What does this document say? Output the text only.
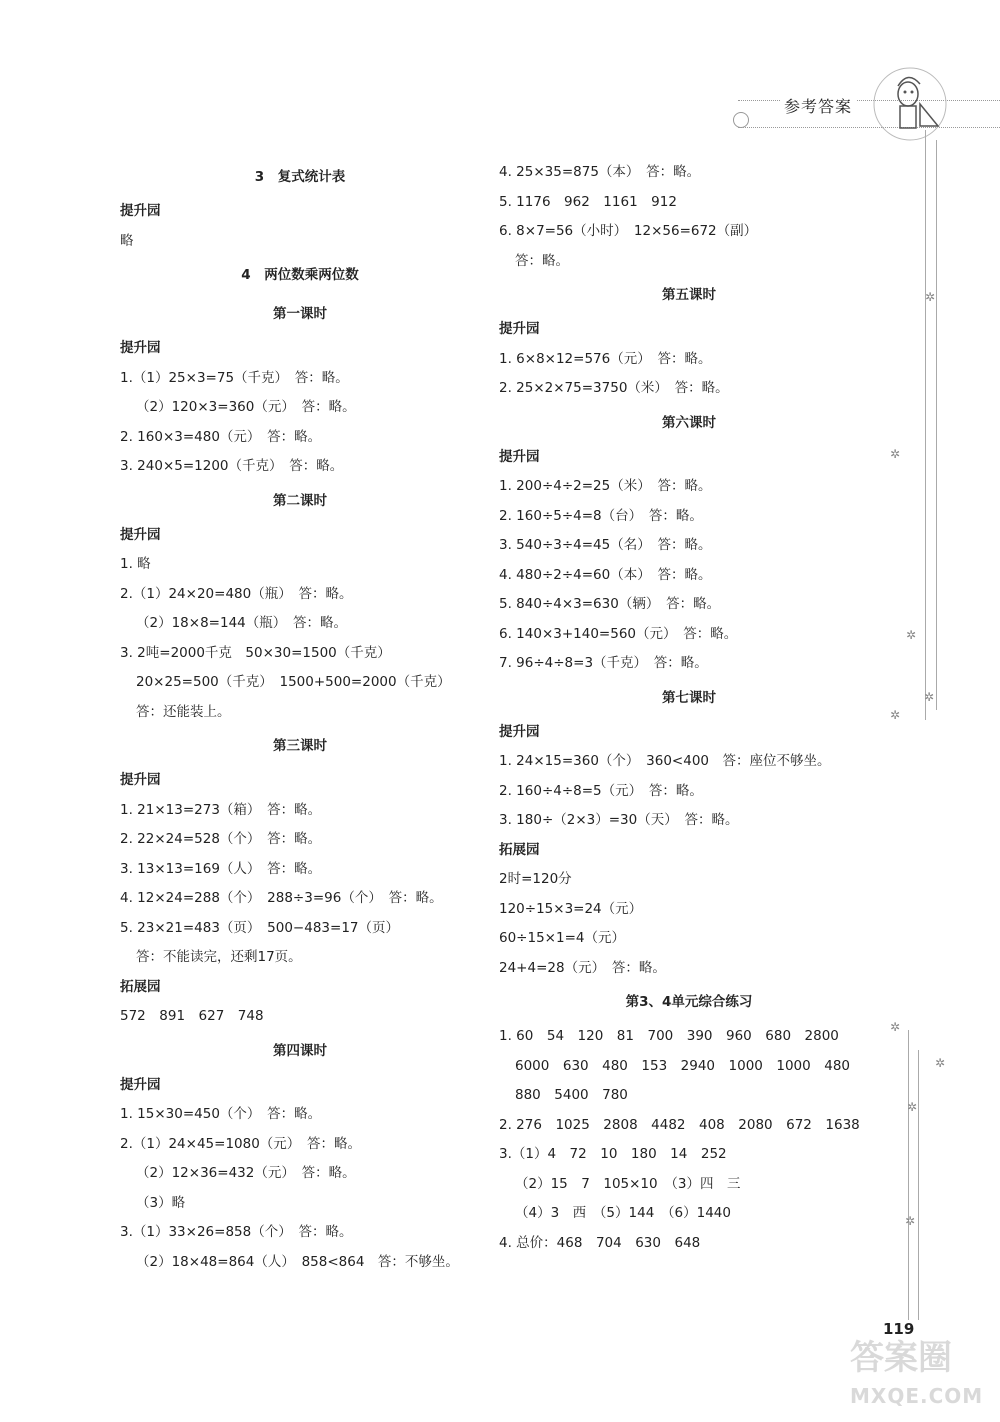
参考答案
✲
✲
✲
✲
✲
✲
✲
✲
✲
3　复式统计表
提升园
略
4　两位数乘两位数
第一课时
提升园
1.（1）25×3=75（千克）　答：略。
（2）120×3=360（元）　答：略。
2. 160×3=480（元）　答：略。
3. 240×5=1200（千克）　答：略。
第二课时
提升园
1. 略
2.（1）24×20=480（瓶）　答：略。
（2）18×8=144（瓶）　答：略。
3. 2吨=2000千克　50×30=1500（千克）
20×25=500（千克）　1500+500=2000（千克）
答：还能装上。
第三课时
提升园
1. 21×13=273（箱）　答：略。
2. 22×24=528（个）　答：略。
3. 13×13=169（人）　答：略。
4. 12×24=288（个）　288÷3=96（个）　答：略。
5. 23×21=483（页）　500−483=17（页）
答：不能读完，还剩17页。
拓展园
572　891　627　748
第四课时
提升园
1. 15×30=450（个）　答：略。
2.（1）24×45=1080（元）　答：略。
（2）12×36=432（元）　答：略。
（3）略
3.（1）33×26=858（个）　答：略。
（2）18×48=864（人）　858<864　答：不够坐。
4. 25×35=875（本）　答：略。
5. 1176　962　1161　912
6. 8×7=56（小时）　12×56=672（副）
答：略。
第五课时
提升园
1. 6×8×12=576（元）　答：略。
2. 25×2×75=3750（米）　答：略。
第六课时
提升园
1. 200÷4÷2=25（米）　答：略。
2. 160÷5÷4=8（台）　答：略。
3. 540÷3÷4=45（名）　答：略。
4. 480÷2÷4=60（本）　答：略。
5. 840÷4×3=630（辆）　答：略。
6. 140×3+140=560（元）　答：略。
7. 96÷4÷8=3（千克）　答：略。
第七课时
提升园
1. 24×15=360（个）　360<400　答：座位不够坐。
2. 160÷4÷8=5（元）　答：略。
3. 180÷（2×3）=30（天）　答：略。
拓展园
2时=120分
120÷15×3=24（元）
60÷15×1=4（元）
24+4=28（元）　答：略。
第3、4单元综合练习
1. 60　54　120　81　700　390　960　680　2800
6000　630　480　153　2940　1000　1000　480
880　5400　780
2. 276　1025　2808　4482　408　2080　672　1638
3.（1）4　72　10　180　14　252
（2）15　7　105×10　（3）四　三
（4）3　西　（5）144　（6）1440
4. 总价：468　704　630　648
119
答案圈
MXQE.COM
